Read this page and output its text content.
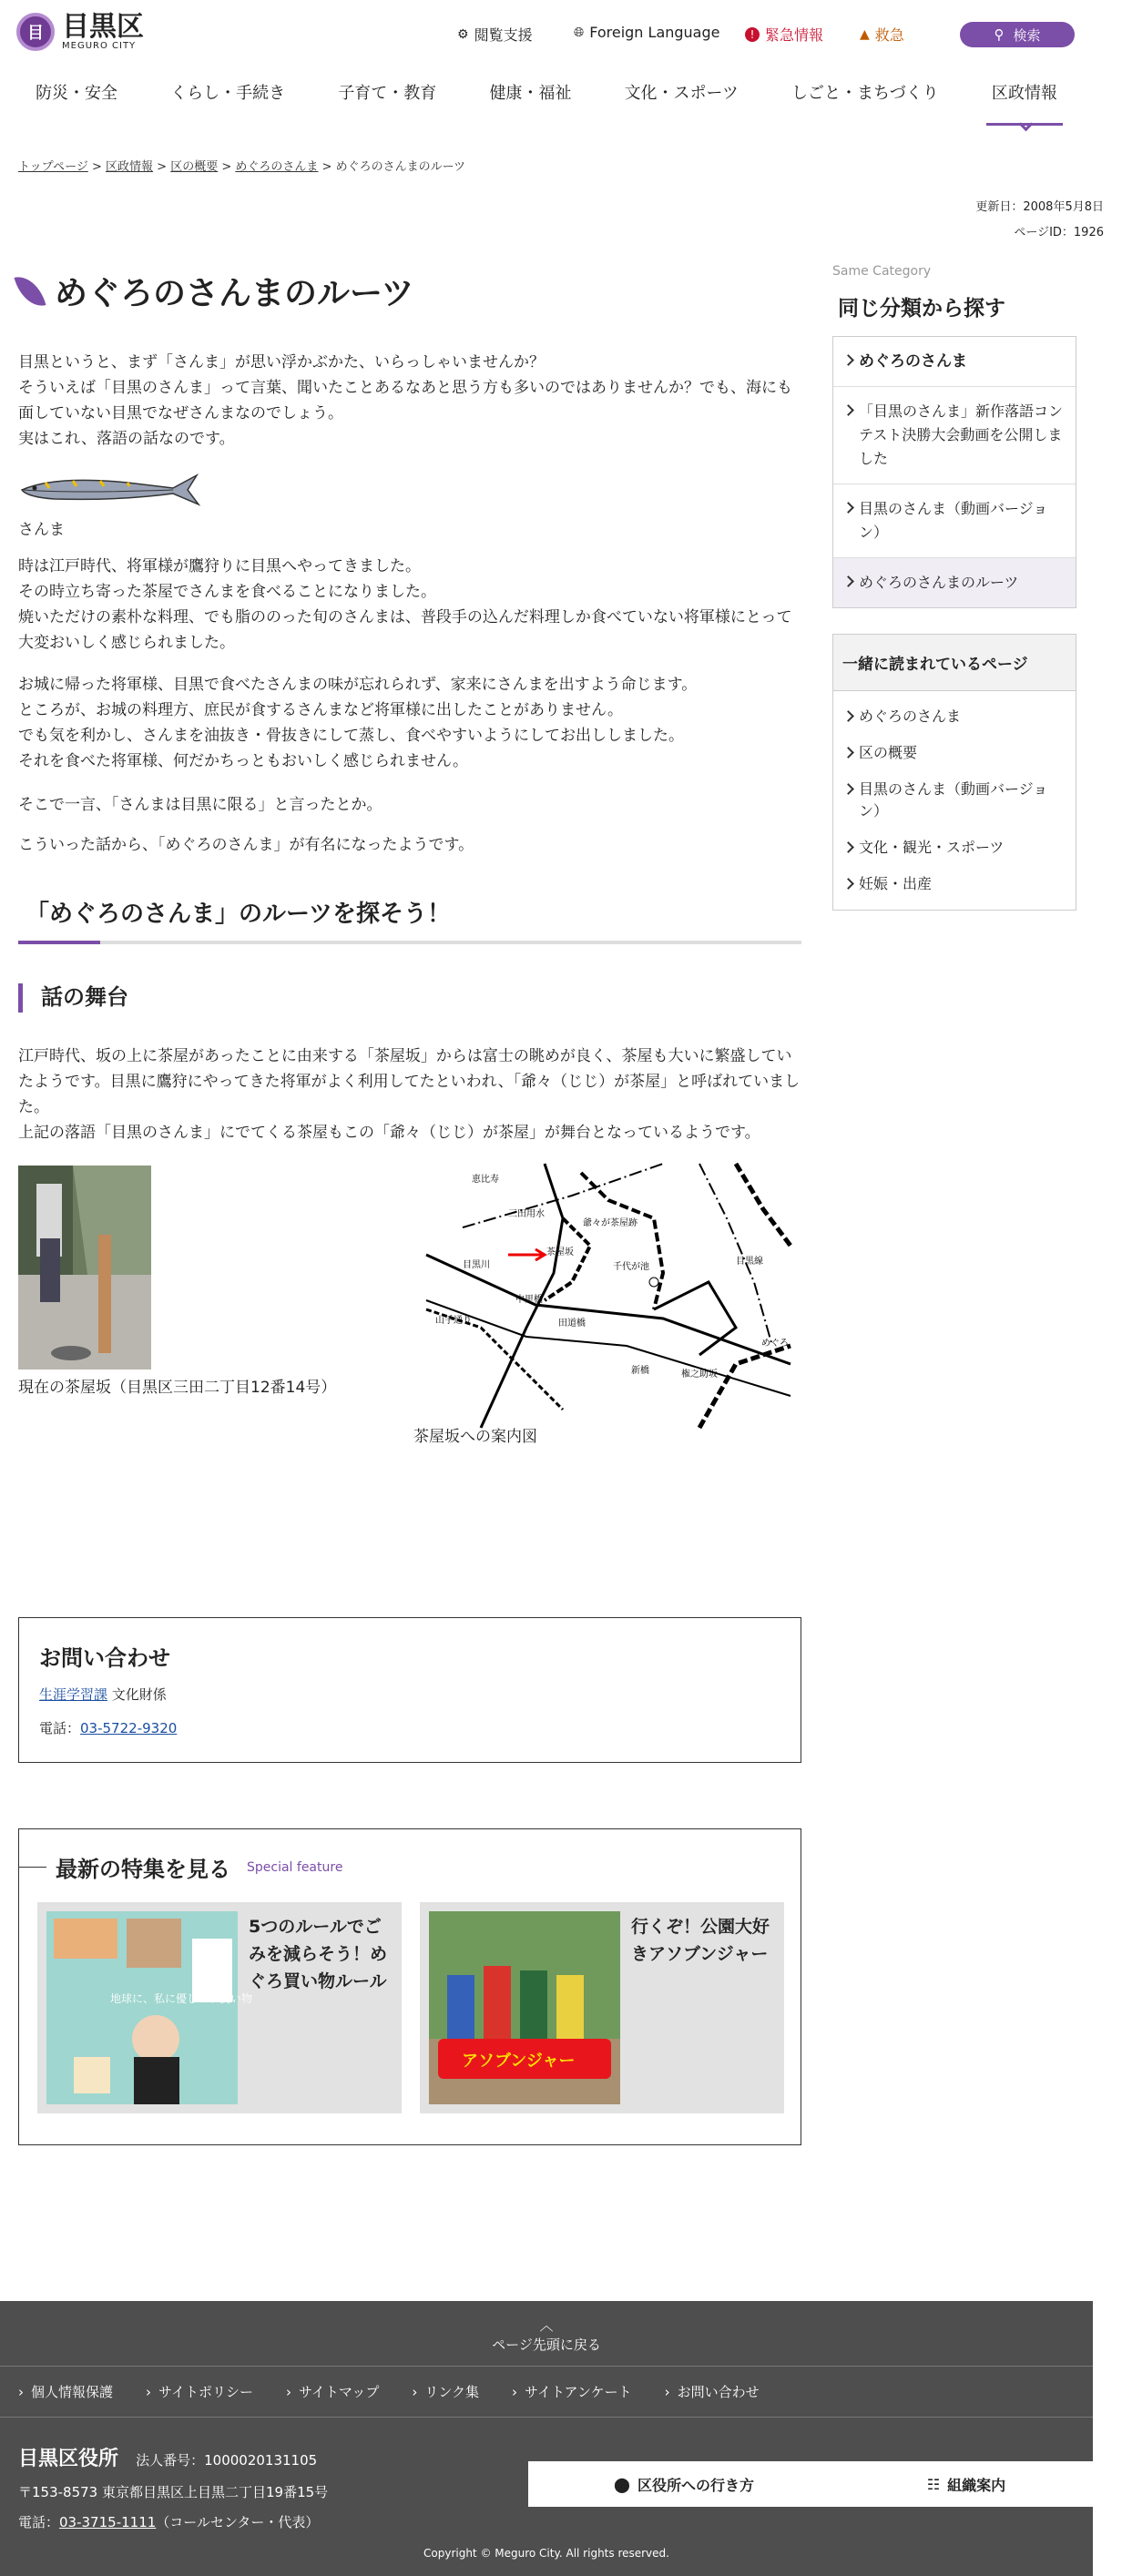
目 目黒区
MEGURO CITY
⚙ 閲覧支援	🌐︎ Foreign Language	! 緊急情報	▲ 救急	⚲ 検索
防災・安全	くらし・手続き	子育て・教育	健康・福祉	文化・スポーツ	しごと・まちづくり	区政情報
トップページ > 区政情報 > 区の概要 > めぐろのさんま > めぐろのさんまのルーツ
更新日：2008年5月8日
ページID：1926
めぐろのさんまのルーツ

目黒というと、まず「さんま」が思い浮かぶかた、いらっしゃいませんか？

そういえば「目黒のさんま」って言葉、聞いたことあるなあと思う方も多いのではありませんか？でも、海にも面していない目黒でなぜさんまなのでしょう。

実はこれ、落語の話なのです。

さんま

時は江戸時代、将軍様が鷹狩りに目黒へやってきました。

その時立ち寄った茶屋でさんまを食べることになりました。

焼いただけの素朴な料理、でも脂ののった旬のさんまは、普段手の込んだ料理しか食べていない将軍様にとって大変おいしく感じられました。

お城に帰った将軍様、目黒で食べたさんまの味が忘れられず、家来にさんまを出すよう命じます。

ところが、お城の料理方、庶民が食するさんまなど将軍様に出したことがありません。

でも気を利かし、さんまを油抜き・骨抜きにして蒸し、食べやすいようにしてお出ししました。

それを食べた将軍様、何だかちっともおいしく感じられません。

そこで一言、「さんまは目黒に限る」と言ったとか。
こういった話から、「めぐろのさんま」が有名になったようです。
「めぐろのさんま」のルーツを探そう！
話の舞台

江戸時代、坂の上に茶屋があったことに由来する「茶屋坂」からは富士の眺めが良く、茶屋も大いに繁盛していたようです。目黒に鷹狩にやってきた将軍がよく利用してたといわれ、「爺々（じじ）が茶屋」と呼ばれていました。

上記の落語「目黒のさんま」にでてくる茶屋もこの「爺々（じじ）が茶屋」が舞台となっているようです。

現在の茶屋坂（目黒区三田二丁目12番14号）
爺々が茶屋跡
千代が池
中里橋
田道橋
新橋	権之助坂
目黒川
山手通り
三田用水
めぐろ
茶屋坂
目黒線
恵比寿
茶屋坂への案内図
お問い合わせ
生涯学習課 文化財係
電話：03-5722-9320
最新の特集を見る Special feature
地球に、私に優しいお買い物
5つのルールでごみを減らそう！めぐろ買い物ルール
アソブンジャー
行くぞ！公園大好きアソブンジャー
Same Category
同じ分類から探す
めぐろのさんま
「目黒のさんま」新作落語コンテスト決勝大会動画を公開しました
目黒のさんま（動画バージョン）
めぐろのさんまのルーツ
一緒に読まれているページ
めぐろのさんま
区の概要
目黒のさんま（動画バージョン）
文化・観光・スポーツ
妊娠・出産
︿
ページ先頭に戻る
› 個人情報保護	› サイトポリシー	› サイトマップ	› リンク集	› サイトアンケート	› お問い合わせ
目黒区役所 法人番号：1000020131105
〒153-8573 東京都目黒区上目黒二丁目19番15号
電話：03-3715-1111（コールセンター・代表）
⬤ 区役所への行き方	☷ 組織案内
Copyright © Meguro City. All rights reserved.
